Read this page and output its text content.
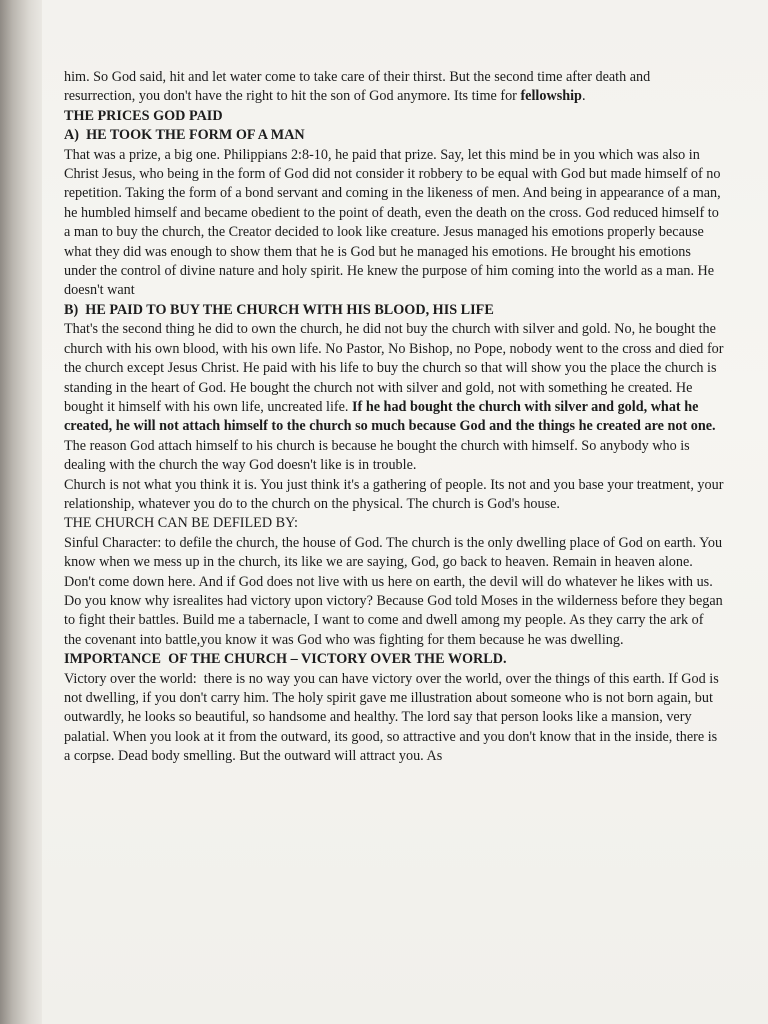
him. So God said, hit and let water come to take care of their thirst. But the second time after death and resurrection, you don't have the right to hit the son of God anymore. Its time for fellowship.

THE PRICES GOD PAID

A)  HE TOOK THE FORM OF A MAN

That was a prize, a big one. Philippians 2:8-10, he paid that prize. Say, let this mind be in you which was also in Christ Jesus, who being in the form of God did not consider it robbery to be equal with God but made himself of no repetition. Taking the form of a bond servant and coming in the likeness of men. And being in appearance of a man, he humbled himself and became obedient to the point of death, even the death on the cross. God reduced himself to a man to buy the church, the Creator decided to look like creature. Jesus managed his emotions properly because what they did was enough to show them that he is God but he managed his emotions. He brought his emotions under the control of divine nature and holy spirit. He knew the purpose of him coming into the world as a man. He doesn't want

B)  HE PAID TO BUY THE CHURCH WITH HIS BLOOD, HIS LIFE

That's the second thing he did to own the church, he did not buy the church with silver and gold. No, he bought the church with his own blood, with his own life. No Pastor, No Bishop, no Pope, nobody went to the cross and died for the church except Jesus Christ. He paid with his life to buy the church so that will show you the place the church is standing in the heart of God. He bought the church not with silver and gold, not with something he created. He bought it himself with his own life, uncreated life. If he had bought the church with silver and gold, what he created, he will not attach himself to the church so much because God and the things he created are not one. The reason God attach himself to his church is because he bought the church with himself. So anybody who is dealing with the church the way God doesn't like is in trouble.

Church is not what you think it is. You just think it's a gathering of people. Its not and you base your treatment, your relationship, whatever you do to the church on the physical. The church is God's house.

THE CHURCH CAN BE DEFILED BY:

Sinful Character: to defile the church, the house of God. The church is the only dwelling place of God on earth. You know when we mess up in the church, its like we are saying, God, go back to heaven. Remain in heaven alone. Don't come down here. And if God does not live with us here on earth, the devil will do whatever he likes with us. Do you know why isrealites had victory upon victory? Because God told Moses in the wilderness before they began to fight their battles. Build me a tabernacle, I want to come and dwell among my people. As they carry the ark of the covenant into battle,you know it was God who was fighting for them because he was dwelling.

IMPORTANCE  OF THE CHURCH – VICTORY OVER THE WORLD.

Victory over the world:  there is no way you can have victory over the world, over the things of this earth. If God is not dwelling, if you don't carry him. The holy spirit gave me illustration about someone who is not born again, but outwardly, he looks so beautiful, so handsome and healthy. The lord say that person looks like a mansion, very palatial. When you look at it from the outward, its good, so attractive and you don't know that in the inside, there is a corpse. Dead body smelling. But the outward will attract you. As
